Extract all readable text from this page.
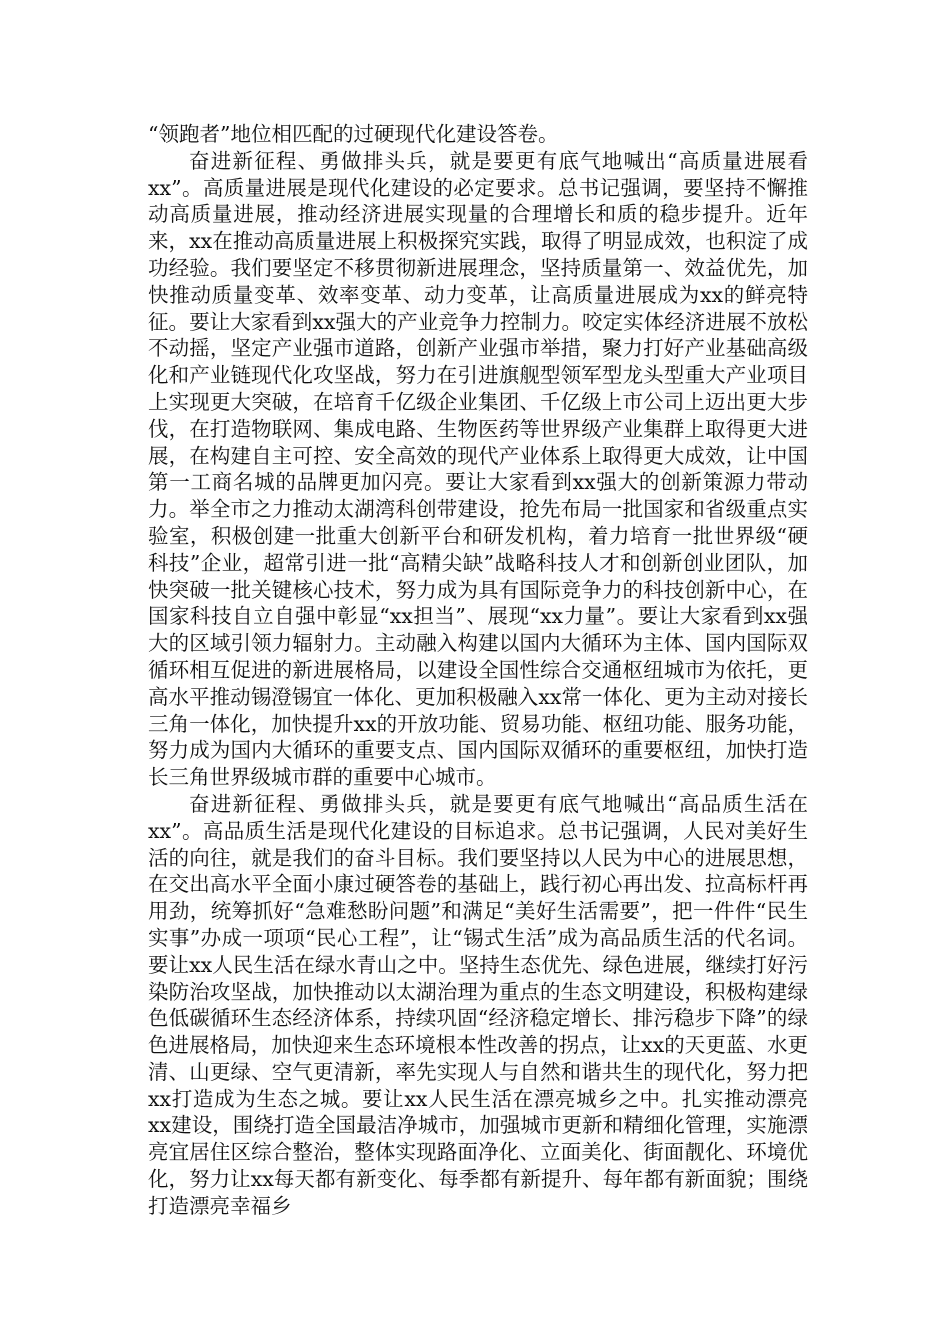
“领跑者”地位相匹配的过硬现代化建设答卷。

奋进新征程、勇做排头兵，就是要更有底气地喊出“高质量进展看xx”。高质量进展是现代化建设的必定要求。总书记强调，要坚持不懈推动高质量进展，推动经济进展实现量的合理增长和质的稳步提升。近年来，xx在推动高质量进展上积极探究实践，取得了明显成效，也积淀了成功经验。我们要坚定不移贯彻新进展理念，坚持质量第一、效益优先，加快推动质量变革、效率变革、动力变革，让高质量进展成为xx的鲜亮特征。要让大家看到xx强大的产业竞争力控制力。咬定实体经济进展不放松不动摇，坚定产业强市道路，创新产业强市举措，聚力打好产业基础高级化和产业链现代化攻坚战，努力在引进旗舰型领军型龙头型重大产业项目上实现更大突破，在培育千亿级企业集团、千亿级上市公司上迈出更大步伐，在打造物联网、集成电路、生物医药等世界级产业集群上取得更大进展，在构建自主可控、安全高效的现代产业体系上取得更大成效，让中国第一工商名城的品牌更加闪亮。要让大家看到xx强大的创新策源力带动力。举全市之力推动太湖湾科创带建设，抢先布局一批国家和省级重点实验室，积极创建一批重大创新平台和研发机构，着力培育一批世界级“硬科技”企业，超常引进一批“高精尖缺”战略科技人才和创新创业团队，加快突破一批关键核心技术，努力成为具有国际竞争力的科技创新中心，在国家科技自立自强中彰显“xx担当”、展现“xx力量”。要让大家看到xx强大的区域引领力辐射力。主动融入构建以国内大循环为主体、国内国际双循环相互促进的新进展格局，以建设全国性综合交通枢纽城市为依托，更高水平推动锡澄锡宜一体化、更加积极融入xx常一体化、更为主动对接长三角一体化，加快提升xx的开放功能、贸易功能、枢纽功能、服务功能，努力成为国内大循环的重要支点、国内国际双循环的重要枢纽，加快打造长三角世界级城市群的重要中心城市。

奋进新征程、勇做排头兵，就是要更有底气地喊出“高品质生活在xx”。高品质生活是现代化建设的目标追求。总书记强调，人民对美好生活的向往，就是我们的奋斗目标。我们要坚持以人民为中心的进展思想，在交出高水平全面小康过硬答卷的基础上，践行初心再出发、拉高标杆再用劲，统筹抓好“急难愁盼问题”和满足“美好生活需要”，把一件件“民生实事”办成一项项“民心工程”，让“锡式生活”成为高品质生活的代名词。要让xx人民生活在绿水青山之中。坚持生态优先、绿色进展，继续打好污染防治攻坚战，加快推动以太湖治理为重点的生态文明建设，积极构建绿色低碳循环生态经济体系，持续巩固“经济稳定增长、排污稳步下降”的绿色进展格局，加快迎来生态环境根本性改善的拐点，让xx的天更蓝、水更清、山更绿、空气更清新，率先实现人与自然和谐共生的现代化，努力把xx打造成为生态之城。要让xx人民生活在漂亮城乡之中。扎实推动漂亮xx建设，围绕打造全国最洁净城市，加强城市更新和精细化管理，实施漂亮宜居住区综合整治，整体实现路面净化、立面美化、街面靓化、环境优化，努力让xx每天都有新变化、每季都有新提升、每年都有新面貌；围绕打造漂亮幸福乡
